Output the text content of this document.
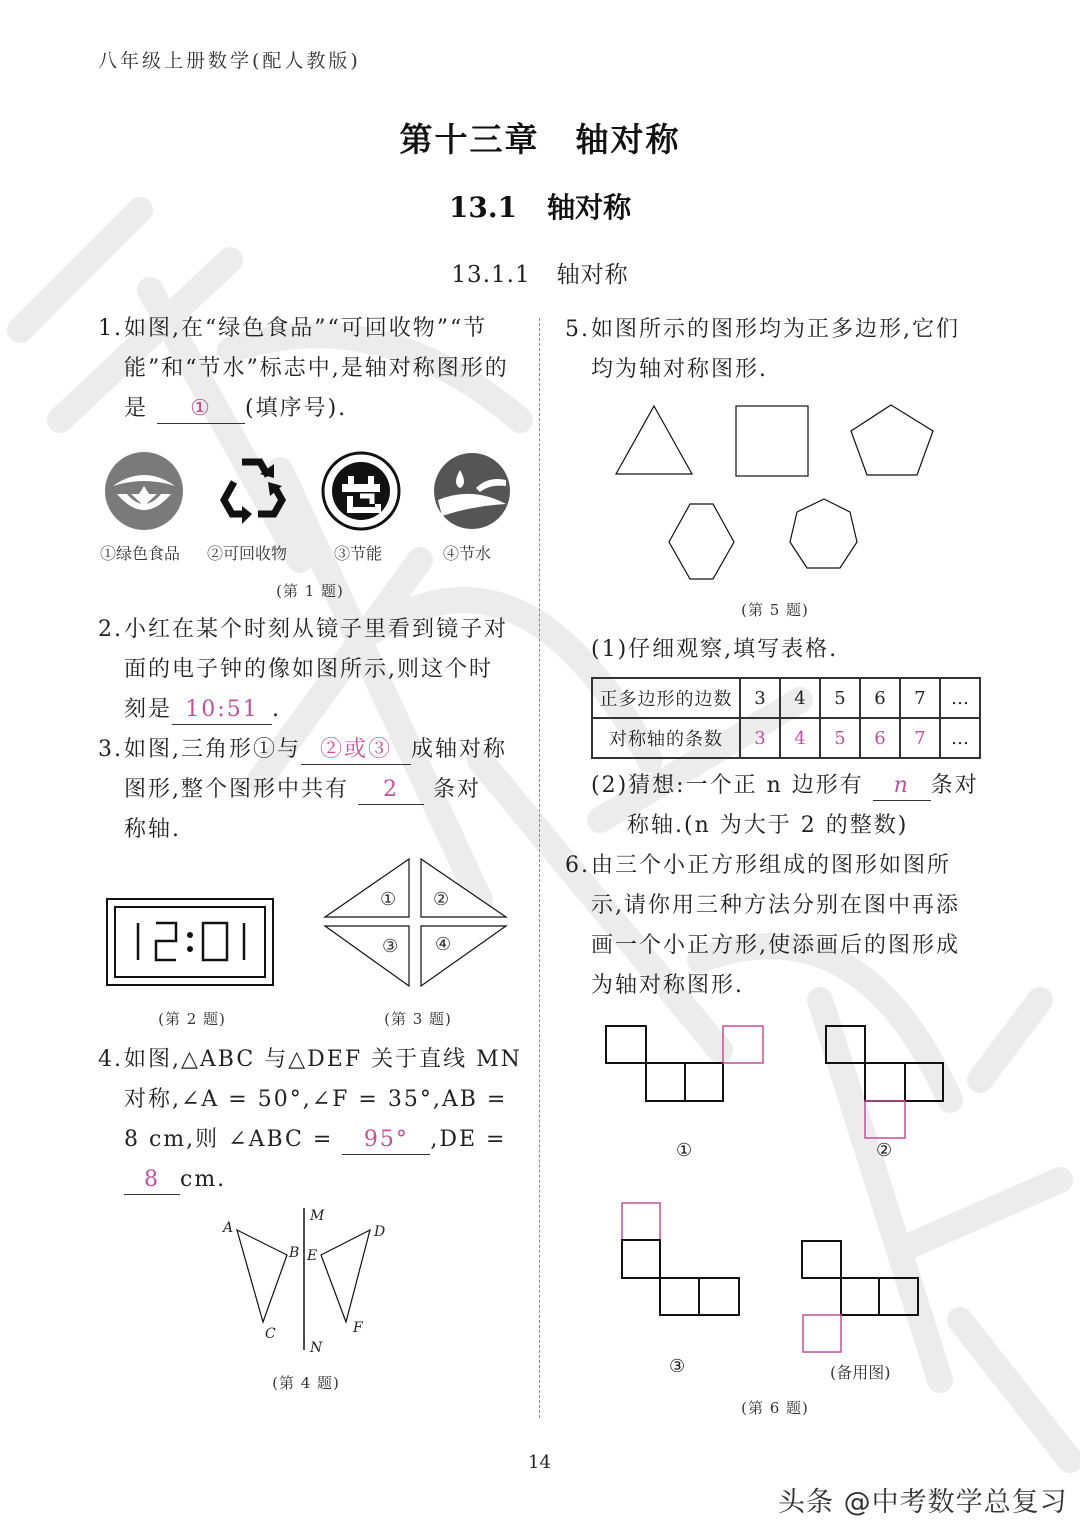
八年级上册数学(配人教版)
第十三章 轴对称
13.1 轴对称
13.1.1 轴对称
1.如图,在“绿色食品”“可回收物”“节
能”和“节水”标志中,是轴对称图形的
是 ① (填序号).
①绿色食品 ②可回收物	③节能	④节水
(第 1 题)
2.小红在某个时刻从镜子里看到镜子对
面的电子钟的像如图所示,则这个时
刻是 10:51 .
3.如图,三角形①与 ②或③ 成轴对称
图形,整个图形中共有 2 条对
称轴.
(第 2 题)
① ②
③ ④
(第 3 题)
4.如图,△ABC 与△DEF 关于直线 MN
对称,∠A = 50°,∠F = 35°,AB =
8 cm,则 ∠ABC = 95° ,DE =
8 cm.
A
B
C
D
E
F
M
N
(第 4 题)
5.如图所示的图形均为正多边形,它们
均为轴对称图形.
(第 5 题)
(1)仔细观察,填写表格.
正多边形的边数	3	4	5	6	7	…
对称轴的条数	3	4	5	6	7	…
(2)猜想:一个正 n 边形有 n 条对
称轴.(n 为大于 2 的整数)
6.由三个小正方形组成的图形如图所
示,请你用三种方法分别在图中再添
画一个小正方形,使添画后的图形成
为轴对称图形.
①	②
③	(备用图)
(第 6 题)
14
头条 @中考数学总复习
